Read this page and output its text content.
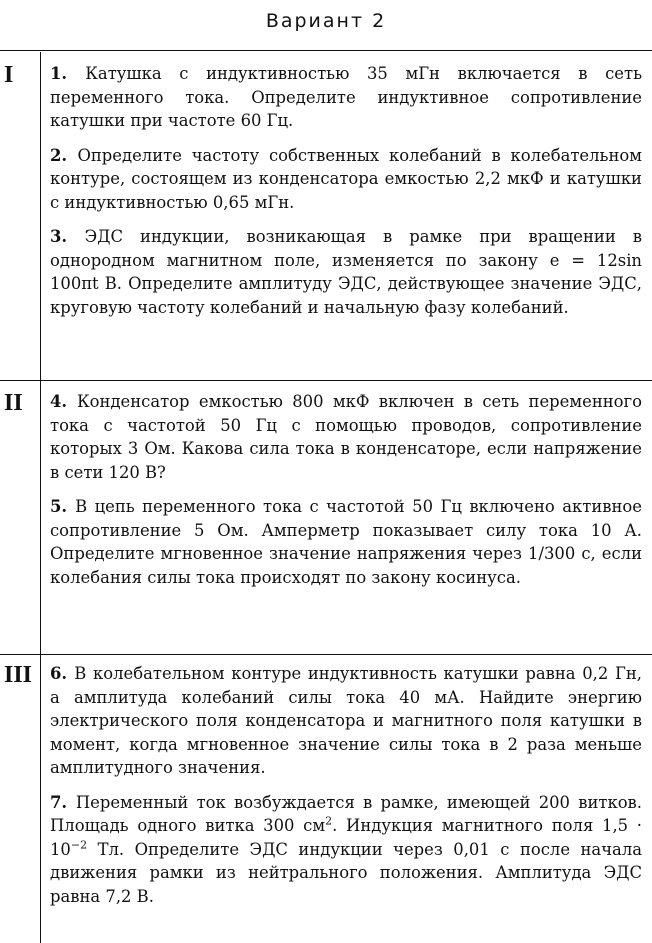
Вариант 2
I	1 . Катушка с индуктивностью 35 мГн включается в сеть переменного тока. Определите индуктивное сопротивление катушки при частоте 60 Гц.

2 . Определите частоту собственных колебаний в колебательном контуре, состоящем из конденсатора емкостью 2,2 мкФ и катушки с индуктивностью 0,65 мГн.

3 . ЭДС индукции, возникающая в рамке при вращении в однородном магнитном поле, изменяется по закону e = 12sin 100πt В. Определите амплитуду ЭДС, действующее значение ЭДС, круговую частоту колебаний и начальную фазу колебаний.

II	4 . Конденсатор емкостью 800 мкФ включен в сеть переменного тока с частотой 50 Гц с помощью проводов, сопротивление которых 3 Ом. Какова сила тока в конденсаторе, если напряжение в сети 120 В?

5 . В цепь переменного тока с частотой 50 Гц включено активное сопротивление 5 Ом. Амперметр показывает силу тока 10 А. Определите мгновенное значение напряжения через 1/300 с, если колебания силы тока происходят по закону косинуса.

III 6 . В колебательном контуре индуктивность катушки равна 0,2 Гн, а амплитуда колебаний силы тока 40 мА. Найдите энергию электрического поля конденсатора и магнитного поля катушки в момент, когда мгновенное значение силы тока в 2 раза меньше амплитудного значения.

7 . Переменный ток возбуждается в рамке, имеющей 200 витков. Площадь одного витка 300 $см^2$. Индукция магнитного поля $1,5 \cdot 10^{-2}$ Тл. Определите ЭДС индукции через 0,01 с после начала движения рамки из нейтрального положения. Амплитуда ЭДС равна 7,2 В.
